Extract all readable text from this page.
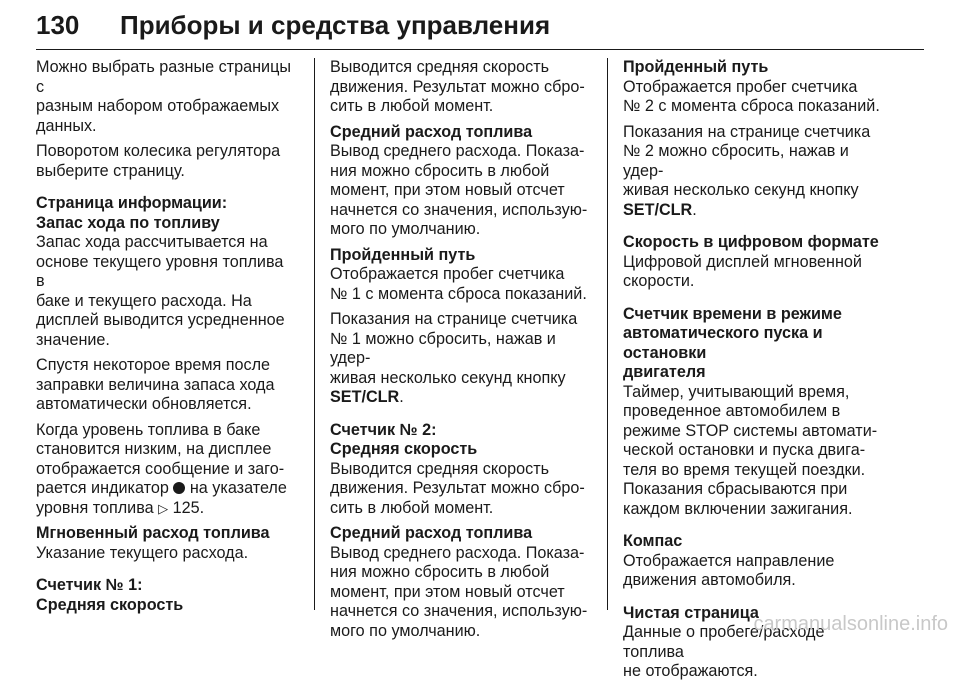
130	Приборы и средства управления

Можно выбрать разные страницы с
разным набором отображаемых
данных.

Поворотом колесика регулятора
выберите страницу.

Страница информации:
Запас хода по топливу

Запас хода рассчитывается на
основе текущего уровня топлива в
баке и текущего расхода. На
дисплей выводится усредненное
значение.

Спустя некоторое время после
заправки величина запаса хода
автоматически обновляется.

Когда уровень топлива в баке
становится низким, на дисплее
отображается сообщение и заго-
рается индикатор  на указателе
уровня топлива ▷ 125.

Мгновенный расход топлива

Указание текущего расхода.

Счетчик № 1:
Средняя скорость

Выводится средняя скорость
движения. Результат можно сбро-
сить в любой момент.

Средний расход топлива

Вывод среднего расхода. Показа-
ния можно сбросить в любой
момент, при этом новый отсчет
начнется со значения, использую-
мого по умолчанию.

Пройденный путь

Отображается пробег счетчика
№ 1 с момента сброса показаний.

Показания на странице счетчика
№ 1 можно сбросить, нажав и удер-
живая несколько секунд кнопку
SET/CLR.

Счетчик № 2:
Средняя скорость

Выводится средняя скорость
движения. Результат можно сбро-
сить в любой момент.

Средний расход топлива

Вывод среднего расхода. Показа-
ния можно сбросить в любой
момент, при этом новый отсчет
начнется со значения, использую-
мого по умолчанию.

Пройденный путь

Отображается пробег счетчика
№ 2 с момента сброса показаний.

Показания на странице счетчика
№ 2 можно сбросить, нажав и удер-
живая несколько секунд кнопку
SET/CLR.

Скорость в цифровом формате

Цифровой дисплей мгновенной
скорости.

Счетчик времени в режиме
автоматического пуска и остановки
двигателя

Таймер, учитывающий время,
проведенное автомобилем в
режиме STOP системы автомати-
ческой остановки и пуска двига-
теля во время текущей поездки.
Показания сбрасываются при
каждом включении зажигания.

Компас

Отображается направление
движения автомобиля.

Чистая страница

Данные о пробеге/расходе топлива
не отображаются.

carmanualsonline.info
